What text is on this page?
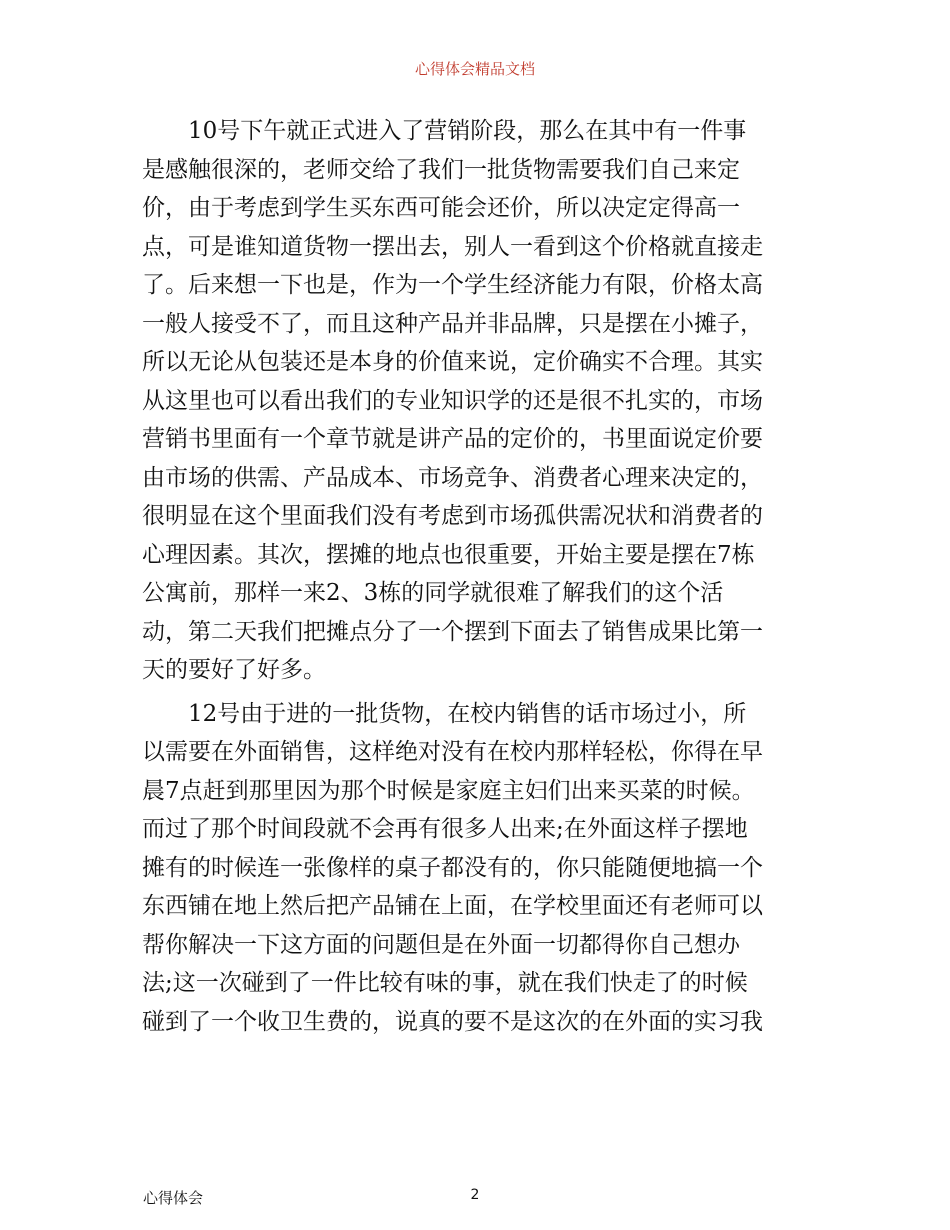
心得体会精品文档
10号下午就正式进入了营销阶段，那么在其中有一件事
是感触很深的，老师交给了我们一批货物需要我们自己来定
价，由于考虑到学生买东西可能会还价，所以决定定得高一
点，可是谁知道货物一摆出去，别人一看到这个价格就直接走
了。后来想一下也是，作为一个学生经济能力有限，价格太高
一般人接受不了，而且这种产品并非品牌，只是摆在小摊子，
所以无论从包装还是本身的价值来说，定价确实不合理。其实
从这里也可以看出我们的专业知识学的还是很不扎实的，市场
营销书里面有一个章节就是讲产品的定价的，书里面说定价要
由市场的供需、产品成本、市场竞争、消费者心理来决定的，
很明显在这个里面我们没有考虑到市场孤供需况状和消费者的
心理因素。其次，摆摊的地点也很重要，开始主要是摆在7栋
公寓前，那样一来2、3栋的同学就很难了解我们的这个活
动，第二天我们把摊点分了一个摆到下面去了销售成果比第一
天的要好了好多。
12号由于进的一批货物，在校内销售的话市场过小，所
以需要在外面销售，这样绝对没有在校内那样轻松，你得在早
晨7点赶到那里因为那个时候是家庭主妇们出来买菜的时候。
而过了那个时间段就不会再有很多人出来;在外面这样子摆地
摊有的时候连一张像样的桌子都没有的，你只能随便地搞一个
东西铺在地上然后把产品铺在上面，在学校里面还有老师可以
帮你解决一下这方面的问题但是在外面一切都得你自己想办
法;这一次碰到了一件比较有味的事，就在我们快走了的时候
碰到了一个收卫生费的，说真的要不是这次的在外面的实习我
心得体会	2
